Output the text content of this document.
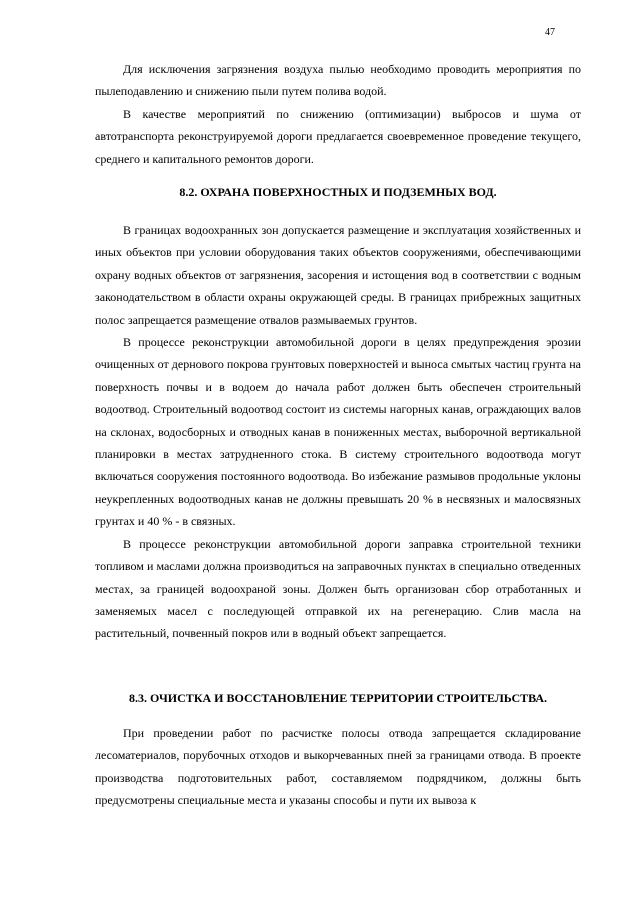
47

Для исключения загрязнения воздуха пылью необходимо проводить мероприятия по пылеподавлению и снижению пыли путем полива водой.

В качестве мероприятий по снижению (оптимизации) выбросов и шума от автотранспорта реконструируемой дороги предлагается своевременное проведение текущего, среднего и капитального ремонтов дороги.

8.2. ОХРАНА ПОВЕРХНОСТНЫХ И ПОДЗЕМНЫХ ВОД.

В границах водоохранных зон допускается размещение и эксплуатация хозяйственных и иных объектов при условии оборудования таких объектов сооружениями, обеспечивающими охрану водных объектов от загрязнения, засорения и истощения вод в соответствии с водным законодательством в области охраны окружающей среды. В границах прибрежных защитных полос запрещается размещение отвалов размываемых грунтов.

В процессе реконструкции автомобильной дороги в целях предупреждения эрозии очищенных от дернового покрова грунтовых поверхностей и выноса смытых частиц грунта на поверхность почвы и в водоем до начала работ должен быть обеспечен строительный водоотвод. Строительный водоотвод состоит из системы нагорных канав, ограждающих валов на склонах, водосборных и отводных канав в пониженных местах, выборочной вертикальной планировки в местах затрудненного стока. В систему строительного водоотвода могут включаться сооружения постоянного водоотвода. Во избежание размывов продольные уклоны неукрепленных водоотводных канав не должны превышать 20 % в несвязных и малосвязных грунтах и 40 % - в связных.

В процессе реконструкции автомобильной дороги заправка строительной техники топливом и маслами должна производиться на заправочных пунктах в специально отведенных местах, за границей водоохраной зоны. Должен быть организован сбор отработанных и заменяемых масел с последующей отправкой их на регенерацию. Слив масла на растительный, почвенный покров или в водный объект запрещается.

8.3. ОЧИСТКА И ВОССТАНОВЛЕНИЕ ТЕРРИТОРИИ СТРОИТЕЛЬСТВА.

При проведении работ по расчистке полосы отвода запрещается складирование лесоматериалов, порубочных отходов и выкорчеванных пней за границами отвода. В проекте производства подготовительных работ, составляемом подрядчиком, должны быть предусмотрены специальные места и указаны способы и пути их вывоза к
